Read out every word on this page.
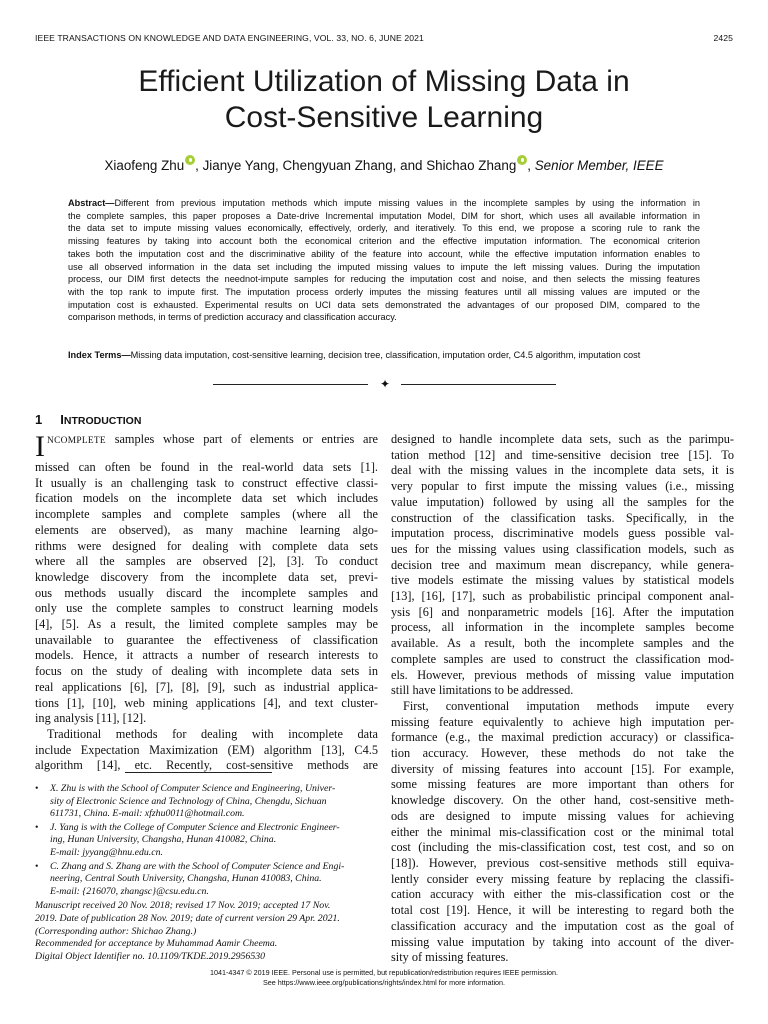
IEEE TRANSACTIONS ON KNOWLEDGE AND DATA ENGINEERING, VOL. 33, NO. 6, JUNE 2021	2425
Efficient Utilization of Missing Data in
Cost-Sensitive Learning
Xiaofeng Zhu , Jianye Yang, Chengyuan Zhang, and Shichao Zhang , Senior Member, IEEE
Abstract—Different from previous imputation methods which impute missing values in the incomplete samples by using the information in
the complete samples, this paper proposes a Date-drive Incremental imputation Model, DIM for short, which uses all available information in
the data set to impute missing values economically, effectively, orderly, and iteratively. To this end, we propose a scoring rule to rank the
missing features by taking into account both the economical criterion and the effective imputation information. The economical criterion
takes both the imputation cost and the discriminative ability of the feature into account, while the effective imputation information enables to
use all observed information in the data set including the imputed missing values to impute the left missing values. During the imputation
process, our DIM first detects the neednot-impute samples for reducing the imputation cost and noise, and then selects the missing features
with the top rank to impute first. The imputation process orderly imputes the missing features until all missing values are imputed or the
imputation cost is exhausted. Experimental results on UCI data sets demonstrated the advantages of our proposed DIM, compared to the
comparison methods, in terms of prediction accuracy and classification accuracy.
Index Terms—Missing data imputation, cost-sensitive learning, decision tree, classification, imputation order, C4.5 algorithm, imputation cost
✦
1 INTRODUCTION
INCOMPLETE samples whose part of elements or entries are
missed can often be found in the real-world data sets [1].
It usually is an challenging task to construct effective classi-
fication models on the incomplete data set which includes
incomplete samples and complete samples (where all the
elements are observed), as many machine learning algo-
rithms were designed for dealing with complete data sets
where all the samples are observed [2], [3]. To conduct
knowledge discovery from the incomplete data set, previ-
ous methods usually discard the incomplete samples and
only use the complete samples to construct learning models
[4], [5]. As a result, the limited complete samples may be
unavailable to guarantee the effectiveness of classification
models. Hence, it attracts a number of research interests to
focus on the study of dealing with incomplete data sets in
real applications [6], [7], [8], [9], such as industrial applica-
tions [1], [10], web mining applications [4], and text cluster-
ing analysis [11], [12].
Traditional methods for dealing with incomplete data
include Expectation Maximization (EM) algorithm [13], C4.5
algorithm [14], etc. Recently, cost-sensitive methods are
• X. Zhu is with the School of Computer Science and Engineering, Univer-
sity of Electronic Science and Technology of China, Chengdu, Sichuan
611731, China. E-mail: xfzhu0011@hotmail.com.
• J. Yang is with the College of Computer Science and Electronic Engineer-
ing, Hunan University, Changsha, Hunan 410082, China.
E-mail: jyyang@hnu.edu.cn.
• C. Zhang and S. Zhang are with the School of Computer Science and Engi-
neering, Central South University, Changsha, Hunan 410083, China.
E-mail: {216070, zhangsc}@csu.edu.cn.
Manuscript received 20 Nov. 2018; revised 17 Nov. 2019; accepted 17 Nov.
2019. Date of publication 28 Nov. 2019; date of current version 29 Apr. 2021.
(Corresponding author: Shichao Zhang.)
Recommended for acceptance by Muhammad Aamir Cheema.
Digital Object Identifier no. 10.1109/TKDE.2019.2956530
designed to handle incomplete data sets, such as the parimpu-
tation method [12] and time-sensitive decision tree [15]. To
deal with the missing values in the incomplete data sets, it is
very popular to first impute the missing values (i.e., missing
value imputation) followed by using all the samples for the
construction of the classification tasks. Specifically, in the
imputation process, discriminative models guess possible val-
ues for the missing values using classification models, such as
decision tree and maximum mean discrepancy, while genera-
tive models estimate the missing values by statistical models
[13], [16], [17], such as probabilistic principal component anal-
ysis [6] and nonparametric models [16]. After the imputation
process, all information in the incomplete samples become
available. As a result, both the incomplete samples and the
complete samples are used to construct the classification mod-
els. However, previous methods of missing value imputation
still have limitations to be addressed.
First, conventional imputation methods impute every
missing feature equivalently to achieve high imputation per-
formance (e.g., the maximal prediction accuracy) or classifica-
tion accuracy. However, these methods do not take the
diversity of missing features into account [15]. For example,
some missing features are more important than others for
knowledge discovery. On the other hand, cost-sensitive meth-
ods are designed to impute missing values for achieving
either the minimal mis-classification cost or the minimal total
cost (including the mis-classification cost, test cost, and so on
[18]). However, previous cost-sensitive methods still equiva-
lently consider every missing feature by replacing the classifi-
cation accuracy with either the mis-classification cost or the
total cost [19]. Hence, it will be interesting to regard both the
classification accuracy and the imputation cost as the goal of
missing value imputation by taking into account of the diver-
sity of missing features.
1041-4347 © 2019 IEEE. Personal use is permitted, but republication/redistribution requires IEEE permission.
See https://www.ieee.org/publications/rights/index.html for more information.
